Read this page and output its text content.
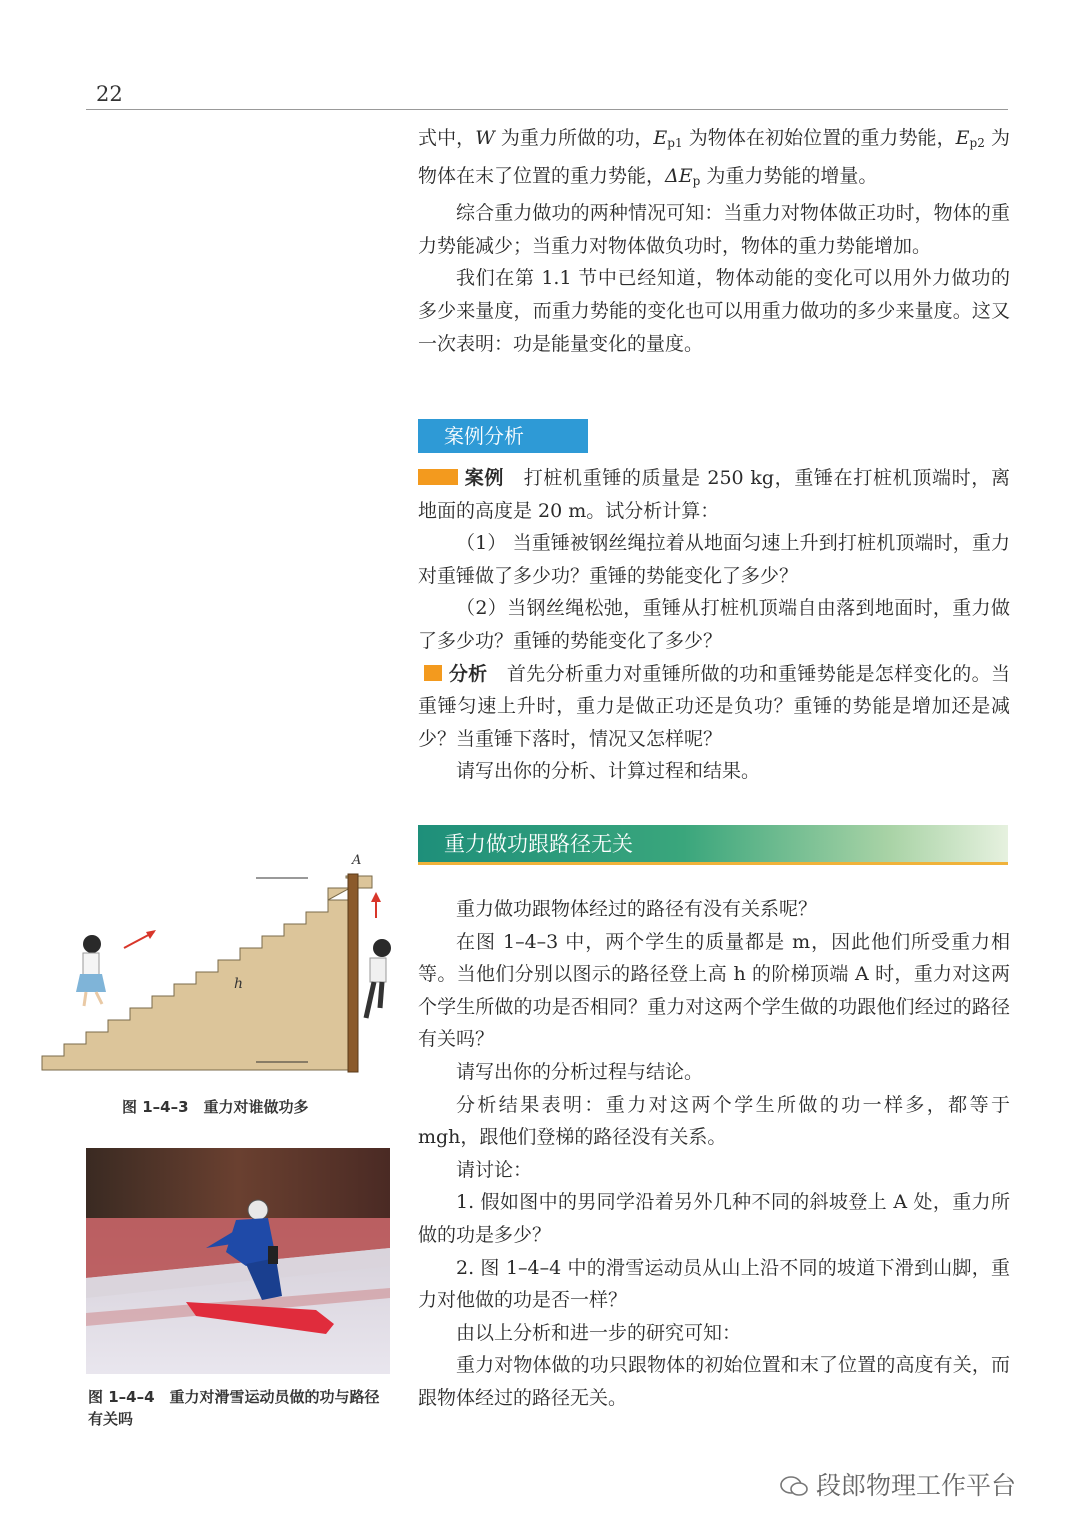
22

式中，W 为重力所做的功，$E_{p1}$ 为物体在初始位置的重力势能，$E_{p2}$ 为物体在末了位置的重力势能，$\Delta E_p$ 为重力势能的增量。

综合重力做功的两种情况可知：当重力对物体做正功时，物体的重力势能减少；当重力对物体做负功时，物体的重力势能增加。

我们在第 1.1 节中已经知道，物体动能的变化可以用外力做功的多少来量度，而重力势能的变化也可以用重力做功的多少来量度。这又一次表明：功是能量变化的量度。

案例分析

案例　 打桩机重锤的质量是 250 kg，重锤在打桩机顶端时，离地面的高度是 20 m。试分析计算：

（1） 当重锤被钢丝绳拉着从地面匀速上升到打桩机顶端时，重力对重锤做了多少功？重锤的势能变化了多少？

（2）当钢丝绳松弛，重锤从打桩机顶端自由落到地面时，重力做了多少功？重锤的势能变化了多少？

分析　 首先分析重力对重锤所做的功和重锤势能是怎样变化的。当重锤匀速上升时，重力是做正功还是负功？重锤的势能是增加还是减少？当重锤下落时，情况又怎样呢？

请写出你的分析、计算过程和结果。

重力做功跟路径无关

重力做功跟物体经过的路径有没有关系呢？

在图 1–4–3 中，两个学生的质量都是 m，因此他们所受重力相等。当他们分别以图示的路径登上高 h 的阶梯顶端 A 时，重力对这两个学生所做的功是否相同？重力对这两个学生做的功跟他们经过的路径有关吗？

请写出你的分析过程与结论。

分析结果表明：重力对这两个学生所做的功一样多，都等于 mgh，跟他们登梯的路径没有关系。

请讨论：

1. 假如图中的男同学沿着另外几种不同的斜坡登上 A 处，重力所做的功是多少？

2. 图 1–4–4 中的滑雪运动员从山上沿不同的坡道下滑到山脚，重力对他做的功是否一样？

由以上分析和进一步的研究可知：

重力对物体做的功只跟物体的初始位置和末了位置的高度有关，而跟物体经过的路径无关。

A
h
图 1–4–3　重力对谁做功多
图 1–4–4　重力对滑雪运动员做的功与路径有关吗
段郎物理工作平台
